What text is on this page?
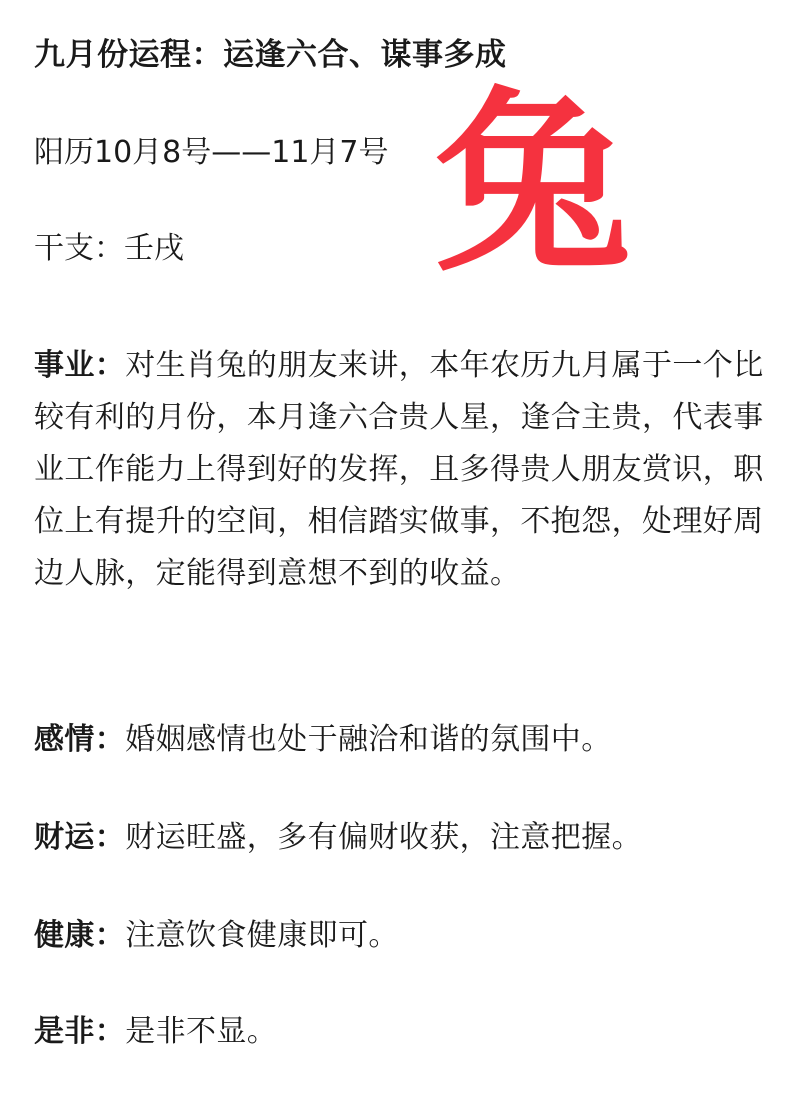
九月份运程：运逢六合、谋事多成
阳历10月8号——11月7号
干支：壬戌 兔
事业：对生肖兔的朋友来讲，本年农历九月属于一个比较有利的月份，本月逢六合贵人星，逢合主贵，代表事业工作能力上得到好的发挥，且多得贵人朋友赏识，职位上有提升的空间，相信踏实做事，不抱怨，处理好周边人脉，定能得到意想不到的收益。
感情：婚姻感情也处于融洽和谐的氛围中。
财运：财运旺盛，多有偏财收获，注意把握。
健康：注意饮食健康即可。
是非：是非不显。
